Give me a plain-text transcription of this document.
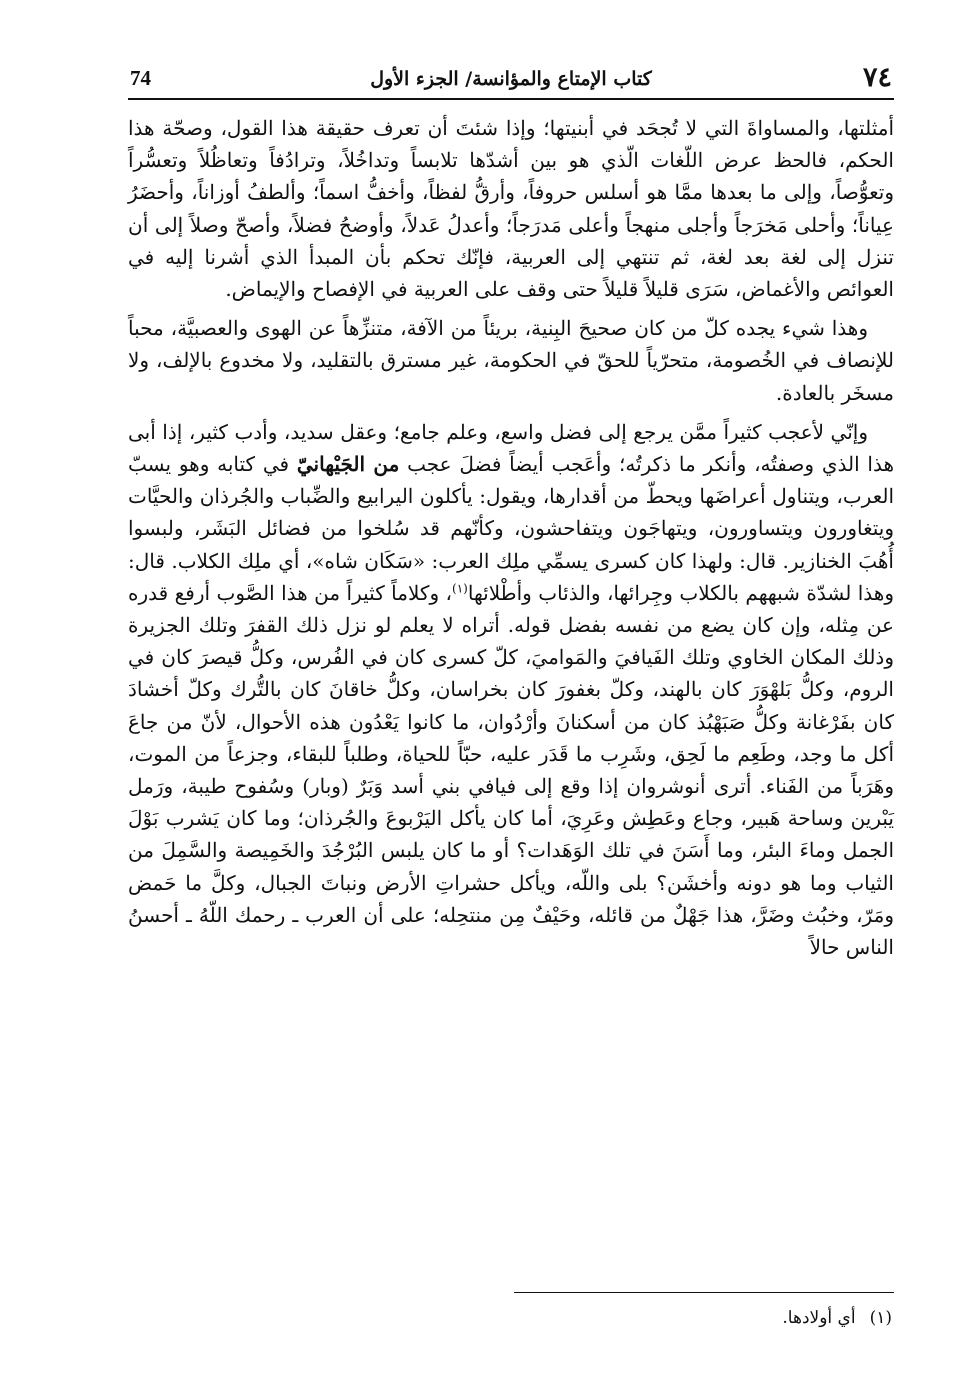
٧٤
كتاب الإمتاع والمؤانسة/ الجزء الأول
74

أمثلتها، والمساواةَ التي لا تُجحَد في أبنيتها؛ وإذا شئتَ أن تعرف حقيقة هذا القول، وصحّة هذا الحكم، فالحظ عرض اللّغات الّذي هو بين أشدّها تلابساً وتداخُلاً، وترادُفاً وتعاظُلاً وتعسُّراً وتعوُّصاً، وإلى ما بعدها ممَّا هو أسلس حروفاً، وأرقُّ لفظاً، وأخفُّ اسماً؛ وألطفُ أوزاناً، وأحضَرُ عِياناً؛ وأحلى مَخرَجاً وأجلى منهجاً وأعلى مَدرَجاً؛ وأعدلُ عَدلاً، وأوضحُ فضلاً، وأصحّ وصلاً إلى أن تنزل إلى لغة بعد لغة، ثم تنتهي إلى العربية، فإنّك تحكم بأن المبدأ الذي أشرنا إليه في العوائص والأغماض، سَرَى قليلاً قليلاً حتى وقف على العربية في الإفصاح والإيماض.

وهذا شيء يجده كلّ من كان صحيحَ البِنية، بريئاً من الآفة، متنزِّهاً عن الهوى والعصبيَّة، محباً للإنصاف في الخُصومة، متحرّياً للحقّ في الحكومة، غير مسترق بالتقليد، ولا مخدوع بالإلف، ولا مسخَر بالعادة.

وإنّي لأعجب كثيراً ممَّن يرجع إلى فضل واسع، وعلم جامع؛ وعقل سديد، وأدب كثير، إذا أبى هذا الذي وصفتُه، وأنكر ما ذكرتُه؛ وأعَجب أيضاً فضلَ عجب من الجَيْهانيّ في كتابه وهو يسبّ العرب، ويتناول أعراضَها ويحطّ من أقدارها، ويقول: يأكلون اليرابيع والضِّباب والجُرذان والحيَّات ويتغاورون ويتساورون، ويتهاجَون ويتفاحشون، وكأنّهم قد سُلخوا من فضائل البَشَر، ولبسوا أُهُبَ الخنازير. قال: ولهذا كان كسرى يسمِّي ملِك العرب: «سَكَان شاه»، أي ملِك الكلاب. قال: وهذا لشدّة شبههم بالكلاب وجِرائها، والذئاب وأطْلائها$^{(١)}$، وكلاماً كثيراً من هذا الصَّوب أرفع قدره عن مِثله، وإن كان يضع من نفسه بفضل قوله. أتراه لا يعلم لو نزل ذلك القفرَ وتلك الجزيرة وذلك المكان الخاوي وتلك الفَيافيَ والمَواميَ، كلّ كسرى كان في الفُرس، وكلُّ قيصرَ كان في الروم، وكلُّ بَلهْوَرَ كان بالهند، وكلّ بغفورَ كان بخراسان، وكلُّ خاقانَ كان بالتُّرك وكلّ أخشادَ كان بفَرْغانة وكلُّ صَبَهْبُذ كان من أسكنانَ وأرْدُوان، ما كانوا يَعْدُون هذه الأحوال، لأنّ من جاعَ أكل ما وجد، وطَعِم ما لَحِق، وشَرِب ما قَدَر عليه، حبّاً للحياة، وطلباً للبقاء، وجزعاً من الموت، وهَرَباً من الفَناء. أترى أنوشروان إذا وقع إلى فيافي بني أسد وَبَرٌ (وبار) وسُفوح طيبة، ورَمل يَبْرين وساحة هَبير، وجاع وعَطِش وعَرِيَ، أما كان يأكل اليَرْبوعَ والجُرذان؛ وما كان يَشرب بَوْلَ الجمل وماءَ البئر، وما أَسَنَ في تلك الوَهَدات؟ أو ما كان يلبس البُرْجُدَ والخَمِيصة والسَّمِلَ من الثياب وما هو دونه وأخشَن؟ بلى واللّه، ويأكل حشراتِ الأرض ونباتَ الجبال، وكلَّ ما حَمض ومَرّ، وخبُث وضَرَّ، هذا جَهْلٌ من قائله، وحَيْفٌ مِن منتحِله؛ على أن العرب ـ رحمك اللّهُ ـ أحسنُ الناس حالاً

(١)أي أولادها.
